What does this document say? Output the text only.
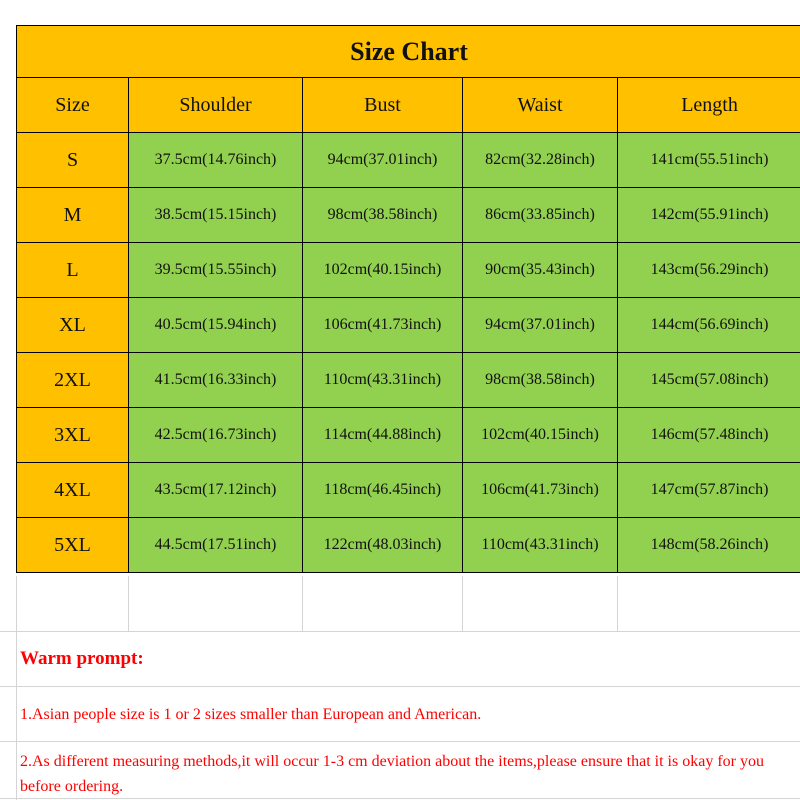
Size Chart				
Size	Shoulder	Bust	Waist	Length
S	37.5cm(14.76inch)	94cm(37.01inch)	82cm(32.28inch)	141cm(55.51inch)
M	38.5cm(15.15inch)	98cm(38.58inch)	86cm(33.85inch)	142cm(55.91inch)
L	39.5cm(15.55inch)	102cm(40.15inch)	90cm(35.43inch)	143cm(56.29inch)
XL	40.5cm(15.94inch)	106cm(41.73inch)	94cm(37.01inch)	144cm(56.69inch)
2XL	41.5cm(16.33inch)	110cm(43.31inch)	98cm(38.58inch)	145cm(57.08inch)
3XL	42.5cm(16.73inch)	114cm(44.88inch)	102cm(40.15inch)	146cm(57.48inch)
4XL	43.5cm(17.12inch)	118cm(46.45inch)	106cm(41.73inch)	147cm(57.87inch)
5XL	44.5cm(17.51inch)	122cm(48.03inch)	110cm(43.31inch)	148cm(58.26inch)
Warm prompt:
1.Asian people size is 1 or 2 sizes smaller than European and American.
2.As different measuring methods,it will occur 1-3 cm deviation about the items,please ensure that it is okay for you before ordering.
